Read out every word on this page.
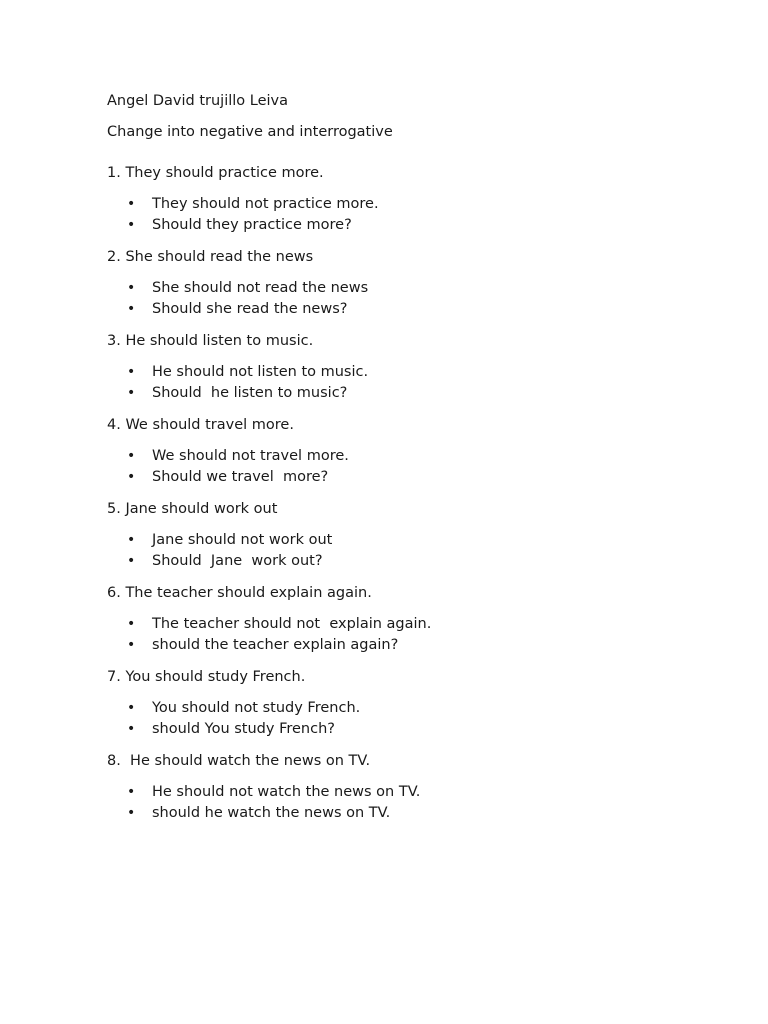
Angel David trujillo Leiva
Change into negative and interrogative
1. They should practice more.
• They should not practice more.
• Should they practice more?
2. She should read the news
• She should not read the news
• Should she read the news?
3. He should listen to music.
• He should not listen to music.
• Should  he listen to music?
4. We should travel more.
• We should not travel more.
• Should we travel  more?
5. Jane should work out
• Jane should not work out
• Should  Jane  work out?
6. The teacher should explain again.
• The teacher should not  explain again.
• should the teacher explain again?
7. You should study French.
• You should not study French.
• should You study French?
8.  He should watch the news on TV.
• He should not watch the news on TV.
• should he watch the news on TV.
